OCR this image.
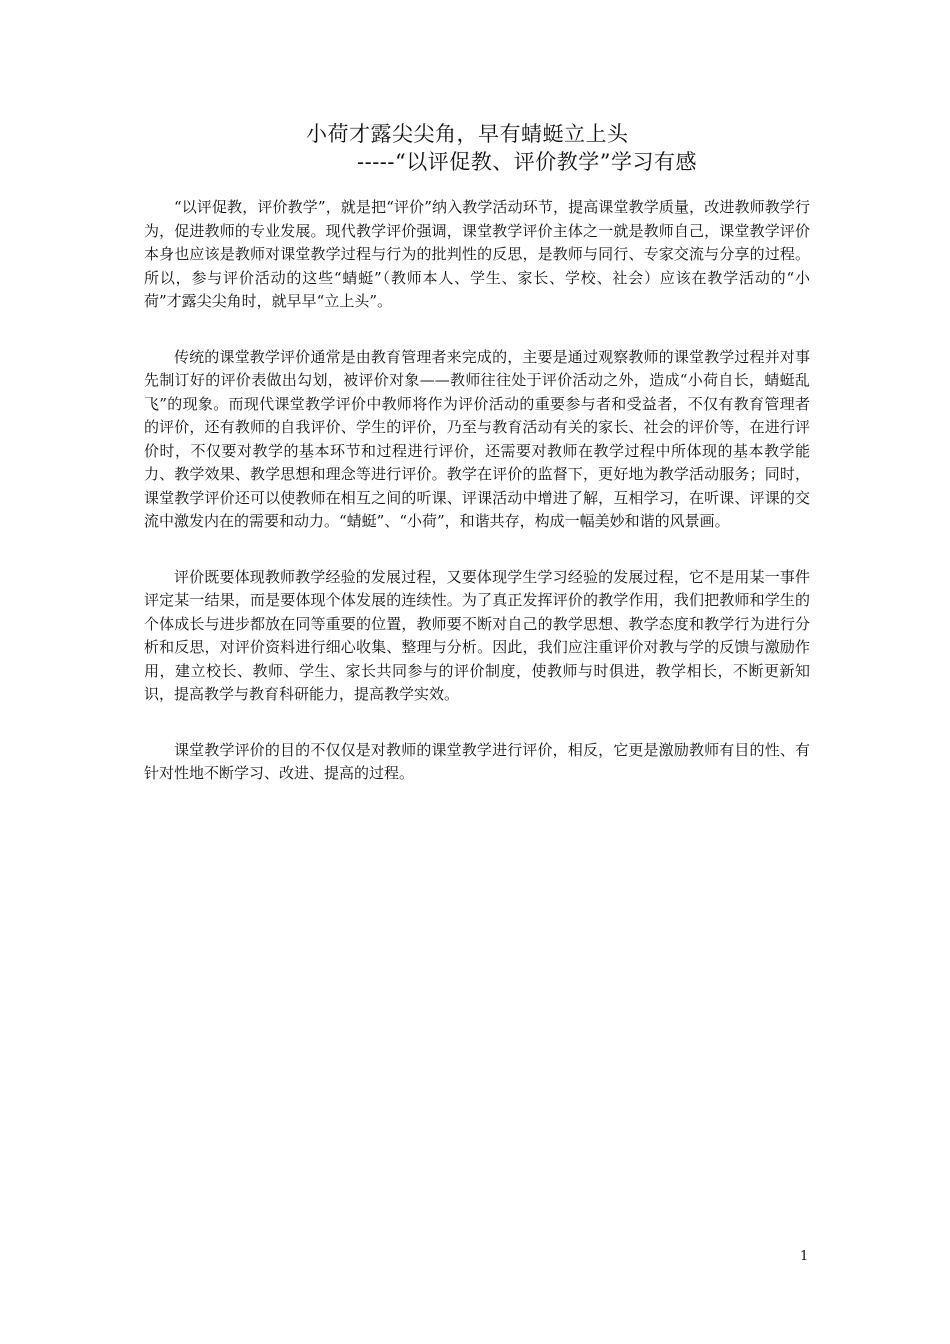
小荷才露尖尖角，早有蜻蜓立上头
-----“以评促教、评价教学”学习有感

“以评促教，评价教学”，就是把“评价”纳入教学活动环节，提高课堂教学质量，改进教师教学行为，促进教师的专业发展。现代教学评价强调，课堂教学评价主体之一就是教师自己，课堂教学评价本身也应该是教师对课堂教学过程与行为的批判性的反思，是教师与同行、专家交流与分享的过程。所以，参与评价活动的这些“蜻蜓”（教师本人、学生、家长、学校、社会）应该在教学活动的“小荷”才露尖尖角时，就早早“立上头”。

传统的课堂教学评价通常是由教育管理者来完成的，主要是通过观察教师的课堂教学过程并对事先制订好的评价表做出勾划，被评价对象——教师往往处于评价活动之外，造成“小荷自长，蜻蜓乱飞”的现象。而现代课堂教学评价中教师将作为评价活动的重要参与者和受益者，不仅有教育管理者的评价，还有教师的自我评价、学生的评价，乃至与教育活动有关的家长、社会的评价等，在进行评价时，不仅要对教学的基本环节和过程进行评价，还需要对教师在教学过程中所体现的基本教学能力、教学效果、教学思想和理念等进行评价。教学在评价的监督下，更好地为教学活动服务；同时，课堂教学评价还可以使教师在相互之间的听课、评课活动中增进了解，互相学习，在听课、评课的交流中激发内在的需要和动力。“蜻蜓”、“小荷”，和谐共存，构成一幅美妙和谐的风景画。

评价既要体现教师教学经验的发展过程，又要体现学生学习经验的发展过程，它不是用某一事件评定某一结果，而是要体现个体发展的连续性。为了真正发挥评价的教学作用，我们把教师和学生的个体成长与进步都放在同等重要的位置，教师要不断对自己的教学思想、教学态度和教学行为进行分析和反思，对评价资料进行细心收集、整理与分析。因此，我们应注重评价对教与学的反馈与激励作用，建立校长、教师、学生、家长共同参与的评价制度，使教师与时俱进，教学相长，不断更新知识，提高教学与教育科研能力，提高教学实效。

课堂教学评价的目的不仅仅是对教师的课堂教学进行评价，相反，它更是激励教师有目的性、有针对性地不断学习、改进、提高的过程。

1
